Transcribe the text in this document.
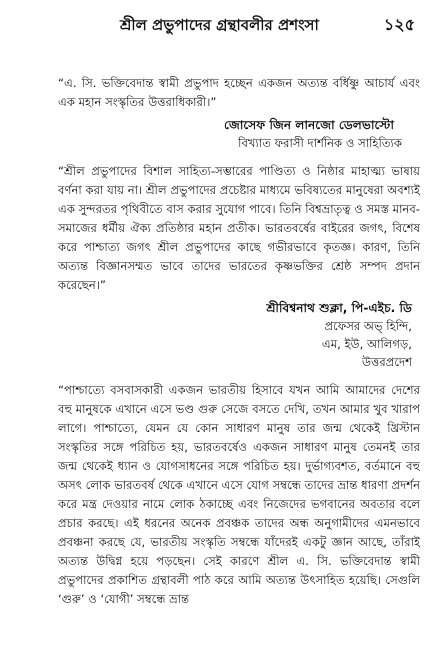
শ্রীল প্রভুপাদের গ্রন্থাবলীর প্রশংসা	১২৫

“এ. সি. ভক্তিবেদান্ত স্বামী প্রভুপাদ হচ্ছেন একজন অত্যন্ত বর্ধিষ্ণু আচার্য এবং এক মহান সংস্কৃতির উত্তরাধিকারী।”

জোসেফ জিন লানজো ডেলভাস্টো
বিখ্যাত ফরাসী দার্শনিক ও সাহিত্যিক

“শ্রীল প্রভুপাদের বিশাল সাহিত্য-সম্ভারের পাণ্ডিত্য ও নিষ্ঠার মাহাত্ম্য ভাষায় বর্ণনা করা যায় না। শ্রীল প্রভুপাদের প্রচেষ্টার মাধ্যমে ভবিষ্যতের মানুষেরা অবশ্যই এক সুন্দরতর পৃথিবীতে বাস করার সুযোগ পাবে। তিনি বিশ্বভ্রাতৃত্ব ও সমস্ত মানব-সমাজের ধর্মীয় ঐক্য প্রতিষ্ঠার মহান প্রতীক। ভারতবর্ষের বাইরের জগৎ, বিশেষ করে পাশ্চাত্য জগৎ শ্রীল প্রভুপাদের কাছে গভীরভাবে কৃতজ্ঞ। কারণ, তিনি অত্যন্ত বিজ্ঞানসম্মত ভাবে তাদের ভারতের কৃষ্ণভক্তির শ্রেষ্ঠ সম্পদ প্রদান করেছেন।”

শ্রীবিশ্বনাথ শুক্লা, পি-এইচ. ডি
প্রফেসর অভ্ হিন্দি,
এম, ইউ, আলিগড়,
উত্তরপ্রদেশ

“পাশ্চাত্যে বসবাসকারী একজন ভারতীয় হিসাবে যখন আমি আমাদের দেশের বহু মানুষকে এখানে এসে ভণ্ড গুরু সেজে বসতে দেখি, তখন আমার খুব খারাপ লাগে। পাশ্চাত্যে, যেমন যে কোন সাধারণ মানুষ তার জন্ম থেকেই খ্রিস্টান সংস্কৃতির সঙ্গে পরিচিত হয়, ভারতবর্ষেও একজন সাধারণ মানুষ তেমনই তার জন্ম থেকেই ধ্যান ও যোগসাধনের সঙ্গে পরিচিত হয়। দুর্ভাগ্যবশত, বর্তমানে বহু অসৎ লোক ভারতবর্ষ থেকে এখানে এসে যোগ সম্বন্ধে তাদের ভ্রান্ত ধারণা প্রদর্শন করে মন্ত্র দেওয়ার নামে লোক ঠকাচ্ছে এবং নিজেদের ভগবানের অবতার বলে প্রচার করছে। এই ধরনের অনেক প্রবঞ্চক তাদের অন্ধ অনুগামীদের এমনভাবে প্রবঞ্চনা করছে যে, ভারতীয় সংস্কৃতি সম্বন্ধে যাঁদেরই একটু জ্ঞান আছে, তাঁরাই অত্যন্ত উদ্বিগ্ন হয়ে পড়ছেন। সেই কারণে শ্রীল এ. সি. ভক্তিবেদান্ত স্বামী প্রভুপাদের প্রকাশিত গ্রন্থাবলী পাঠ করে আমি অত্যন্ত উৎসাহিত হয়েছি। সেগুলি ‘গুরু’ ও ‘যোগী’ সম্বন্ধে ভ্রান্ত
